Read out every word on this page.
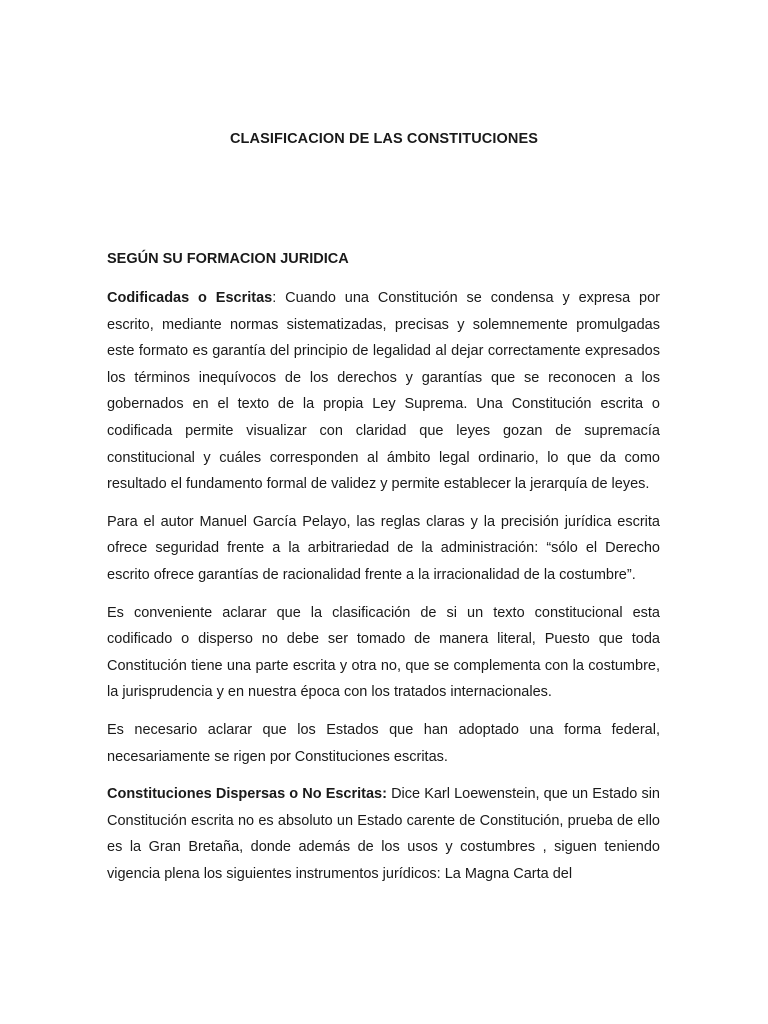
CLASIFICACION DE LAS CONSTITUCIONES
SEGÚN SU FORMACION JURIDICA

Codificadas o Escritas: Cuando una Constitución se condensa y expresa por escrito, mediante normas sistematizadas, precisas y solemnemente promulgadas este formato es garantía del principio de legalidad al dejar correctamente expresados los términos inequívocos de los derechos y garantías que se reconocen a los gobernados en el texto de la propia Ley Suprema. Una Constitución escrita o codificada permite visualizar con claridad que leyes gozan de supremacía constitucional y cuáles corresponden al ámbito legal ordinario, lo que da como resultado el fundamento formal de validez y permite establecer la jerarquía de leyes.

Para el autor Manuel García Pelayo, las reglas claras y la precisión jurídica escrita ofrece seguridad frente a la arbitrariedad de la administración: “sólo el Derecho escrito ofrece garantías de racionalidad frente a la irracionalidad de la costumbre”.

Es conveniente aclarar que la clasificación de si un texto constitucional esta codificado o disperso no debe ser tomado de manera literal, Puesto que toda Constitución tiene una parte escrita y otra no, que se complementa con la costumbre, la jurisprudencia y en nuestra época con los tratados internacionales.

Es necesario aclarar que los Estados que han adoptado una forma federal, necesariamente se rigen por Constituciones escritas.

Constituciones Dispersas o No Escritas: Dice Karl Loewenstein, que un Estado sin Constitución escrita no es absoluto un Estado carente de Constitución, prueba de ello es la Gran Bretaña, donde además de los usos y costumbres , siguen teniendo vigencia plena los siguientes instrumentos jurídicos: La Magna Carta del
